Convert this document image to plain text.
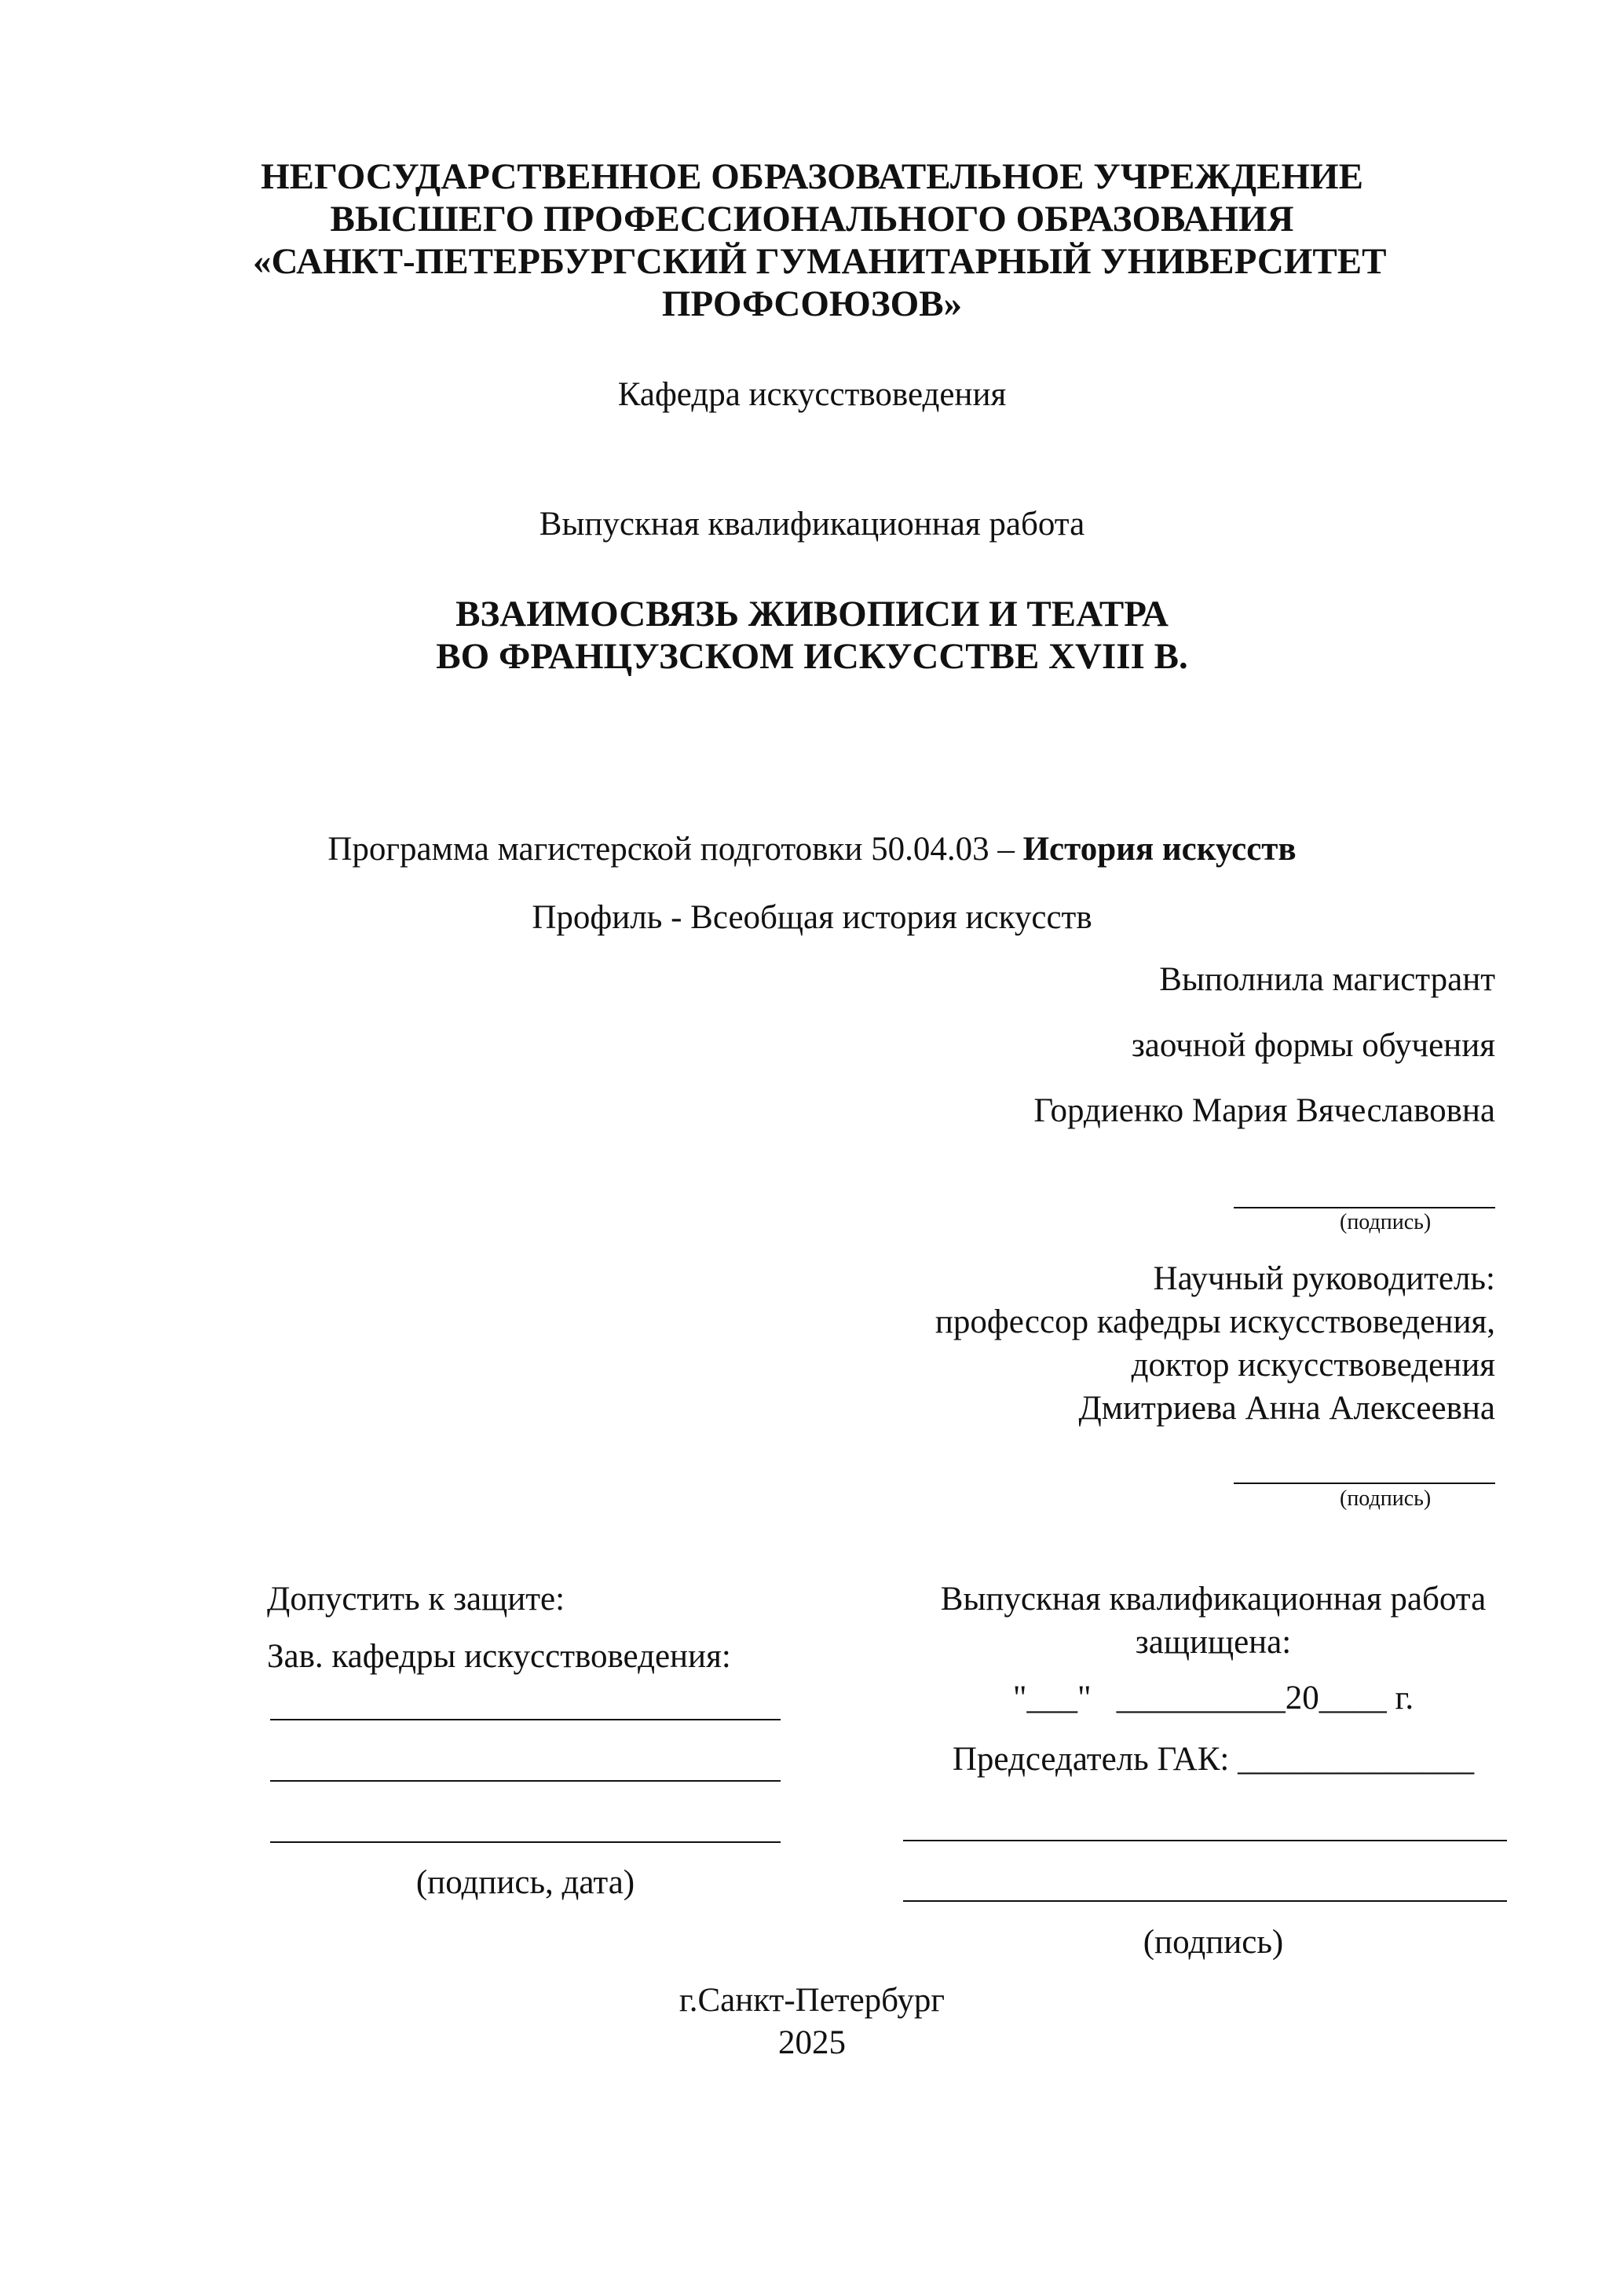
НЕГОСУДАРСТВЕННОЕ ОБРАЗОВАТЕЛЬНОЕ УЧРЕЖДЕНИЕ
ВЫСШЕГО ПРОФЕССИОНАЛЬНОГО ОБРАЗОВАНИЯ
«САНКТ-ПЕТЕРБУРГСКИЙ ГУМАНИТАРНЫЙ УНИВЕРСИТЕТ
ПРОФСОЮЗОВ»
Кафедра искусствоведения
Выпускная квалификационная работа
ВЗАИМОСВЯЗЬ ЖИВОПИСИ И ТЕАТРА
ВО ФРАНЦУЗСКОМ ИСКУССТВЕ XVIII В.
Программа магистерской подготовки 50.04.03 – История искусств
Профиль - Всеобщая история искусств
Выполнила магистрант
заочной формы обучения
Гордиенко Мария Вячеславовна
(подпись)
Научный руководитель:
профессор кафедры искусствоведения,
доктор искусствоведения
Дмитриева Анна Алексеевна
(подпись)
Допустить к защите:
Зав. кафедры искусствоведения:
(подпись, дата)
Выпускная квалификационная работа
защищена:
"___"   __________20____ г.
Председатель ГАК: ______________
(подпись)
г.Санкт-Петербург
2025
